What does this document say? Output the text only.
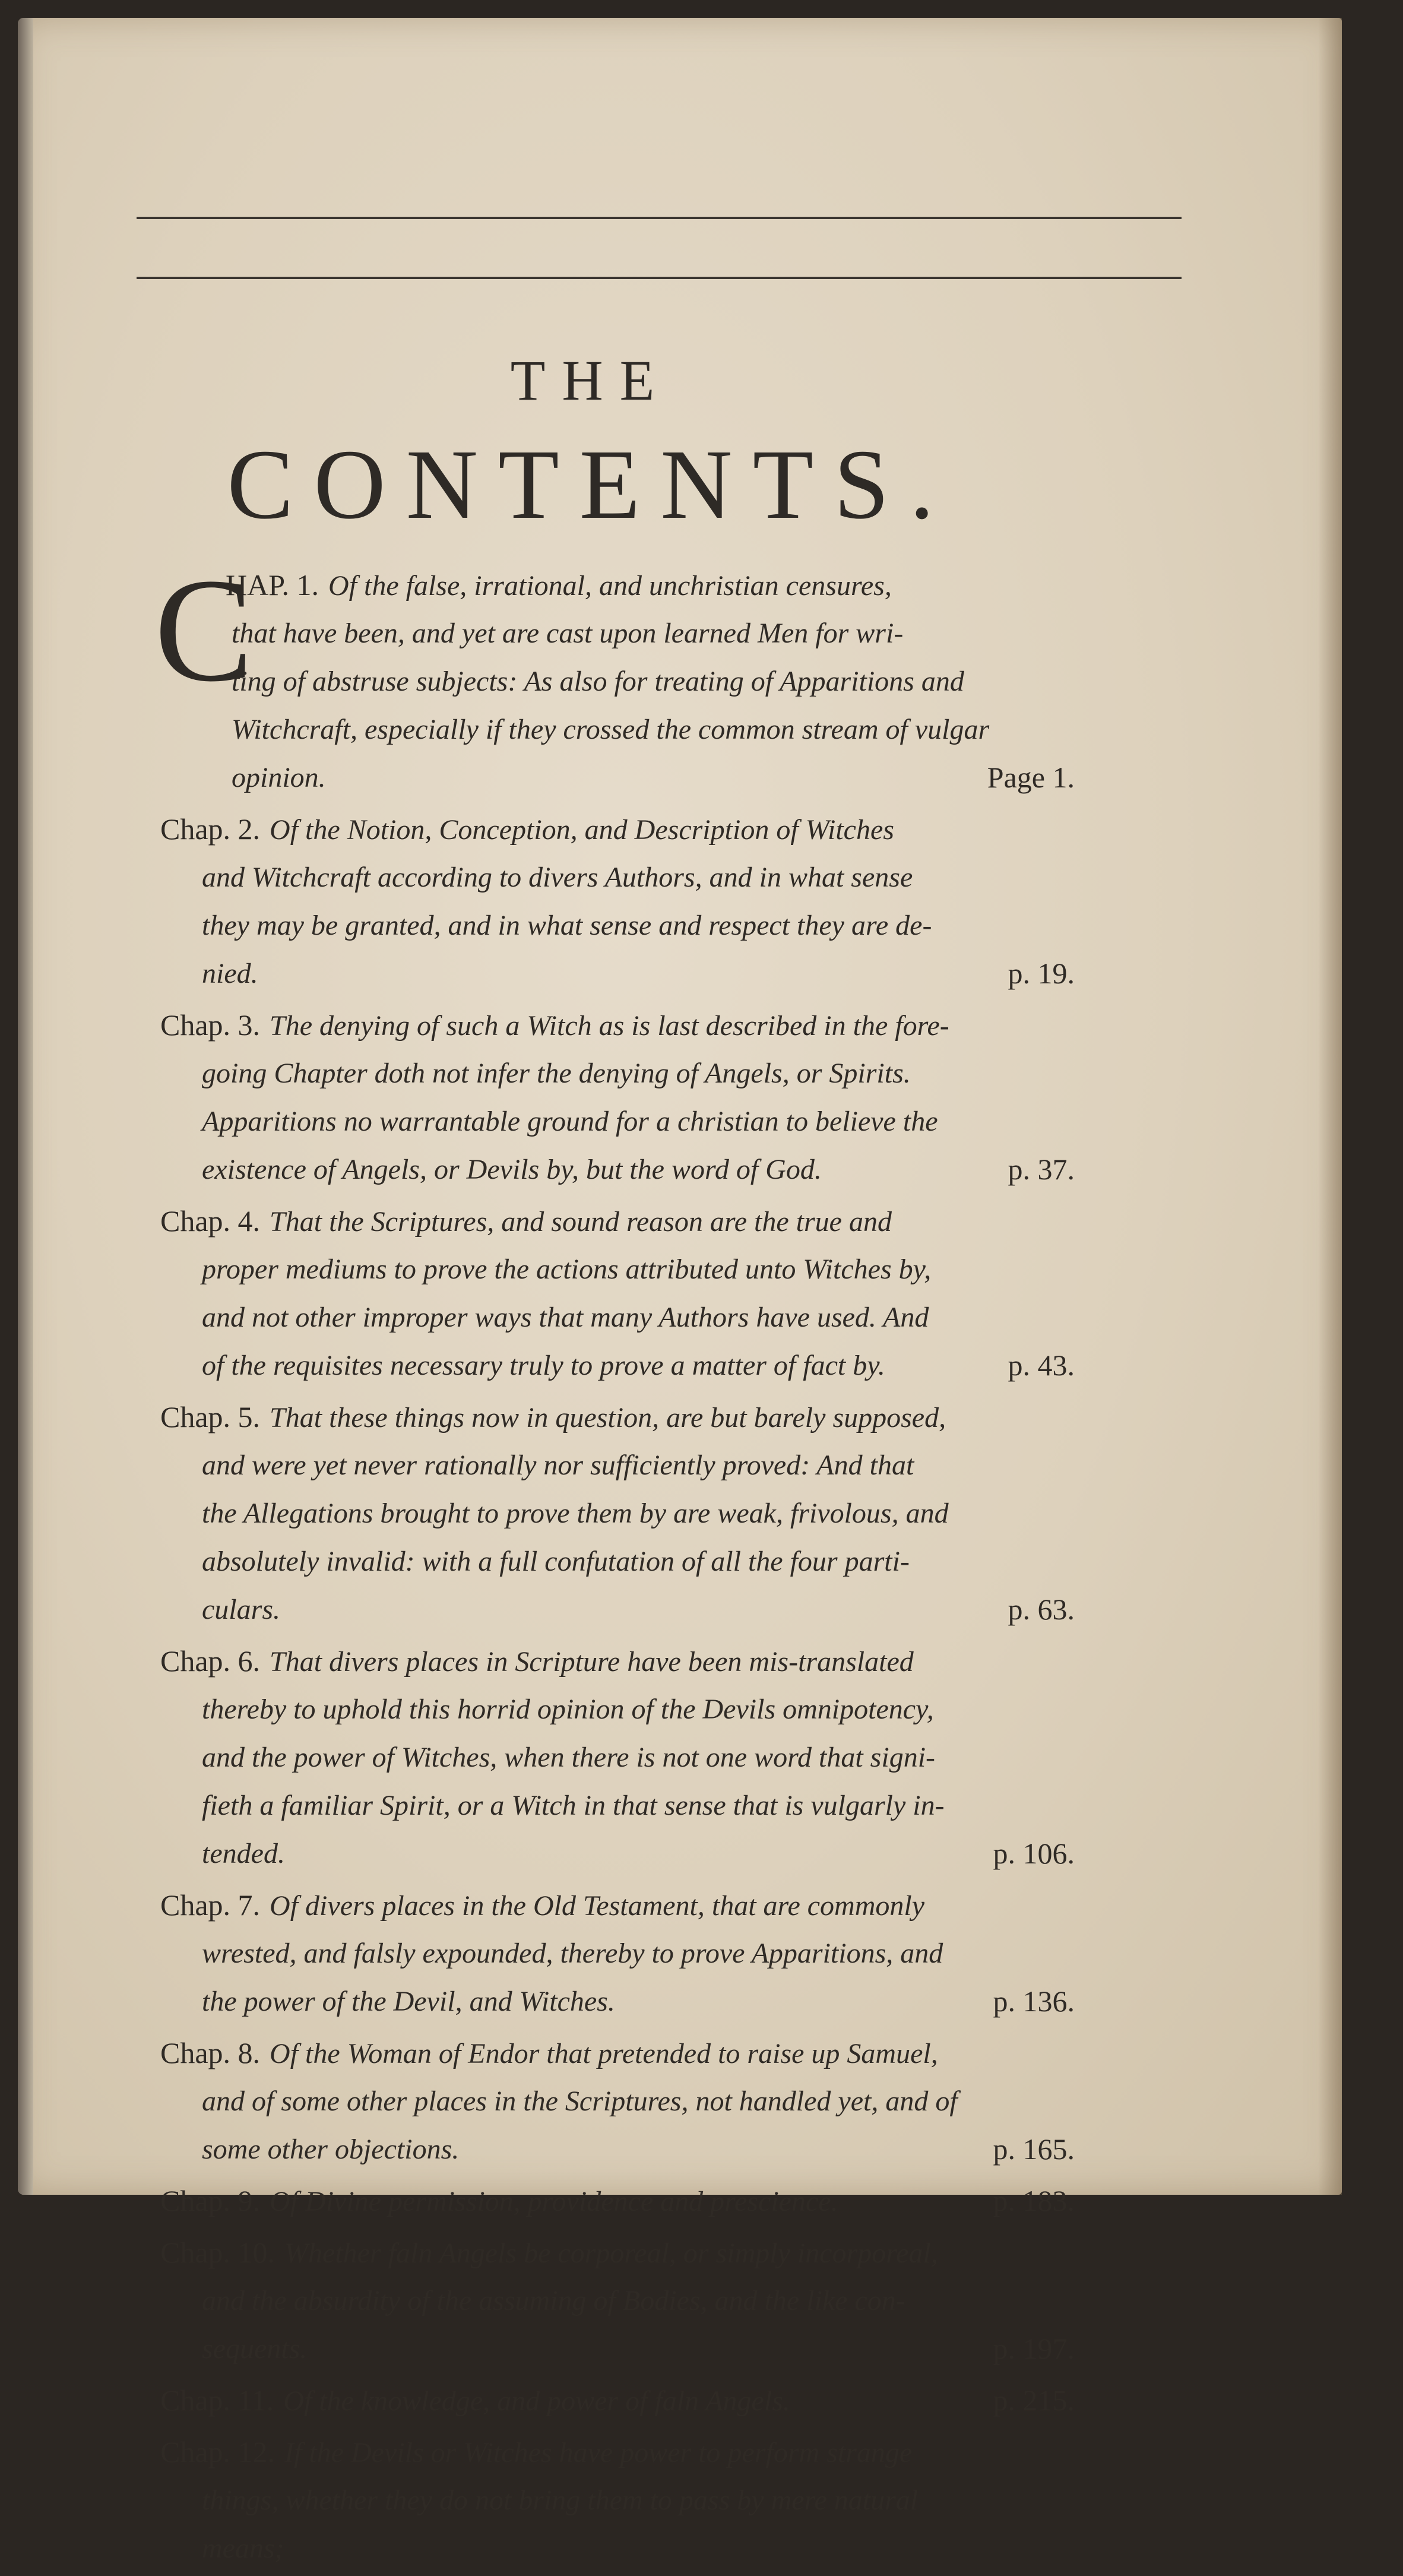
THE
CONTENTS.
C
HAP. 1. Of the false, irrational, and unchristian censures,
that have been, and yet are cast upon learned Men for wri-
ting of abstruse subjects: As also for treating of Apparitions and
Witchcraft, especially if they crossed the common stream of vulgar
opinion.	Page 1.
Chap. 2. Of the Notion, Conception, and Description of Witches
and Witchcraft according to divers Authors, and in what sense
they may be granted, and in what sense and respect they are de-
nied.	p. 19.
Chap. 3. The denying of such a Witch as is last described in the fore-
going Chapter doth not infer the denying of Angels, or Spirits.
Apparitions no warrantable ground for a christian to believe the
existence of Angels, or Devils by, but the word of God.	p. 37.
Chap. 4. That the Scriptures, and sound reason are the true and
proper mediums to prove the actions attributed unto Witches by,
and not other improper ways that many Authors have used. And
of the requisites necessary truly to prove a matter of fact by.	p. 43.
Chap. 5. That these things now in question, are but barely supposed,
and were yet never rationally nor sufficiently proved: And that
the Allegations brought to prove them by are weak, frivolous, and
absolutely invalid: with a full confutation of all the four parti-
culars.	p. 63.
Chap. 6. That divers places in Scripture have been mis-translated
thereby to uphold this horrid opinion of the Devils omnipotency,
and the power of Witches, when there is not one word that signi-
fieth a familiar Spirit, or a Witch in that sense that is vulgarly in-
tended.	p. 106.
Chap. 7. Of divers places in the Old Testament, that are commonly
wrested, and falsly expounded, thereby to prove Apparitions, and
the power of the Devil, and Witches.	p. 136.
Chap. 8. Of the Woman of Endor that pretended to raise up Samuel,
and of some other places in the Scriptures, not handled yet, and of
some other objections.	p. 165.
Chap. 9. Of Divine permission, providence and prescience.	p. 183.
Chap. 10. Whether faln Angels be corporeal, or simply incorporeal,
and the absurdity of the assuming of Bodies, and the like con-
sequents.	p. 197.
Chap. 11. Of the knowledge, and power of faln Angels.	p. 215.
Chap. 12. If the Devils or Witches have power to perform strange
things, whether they do not bring them to pass by mere natural
means;
